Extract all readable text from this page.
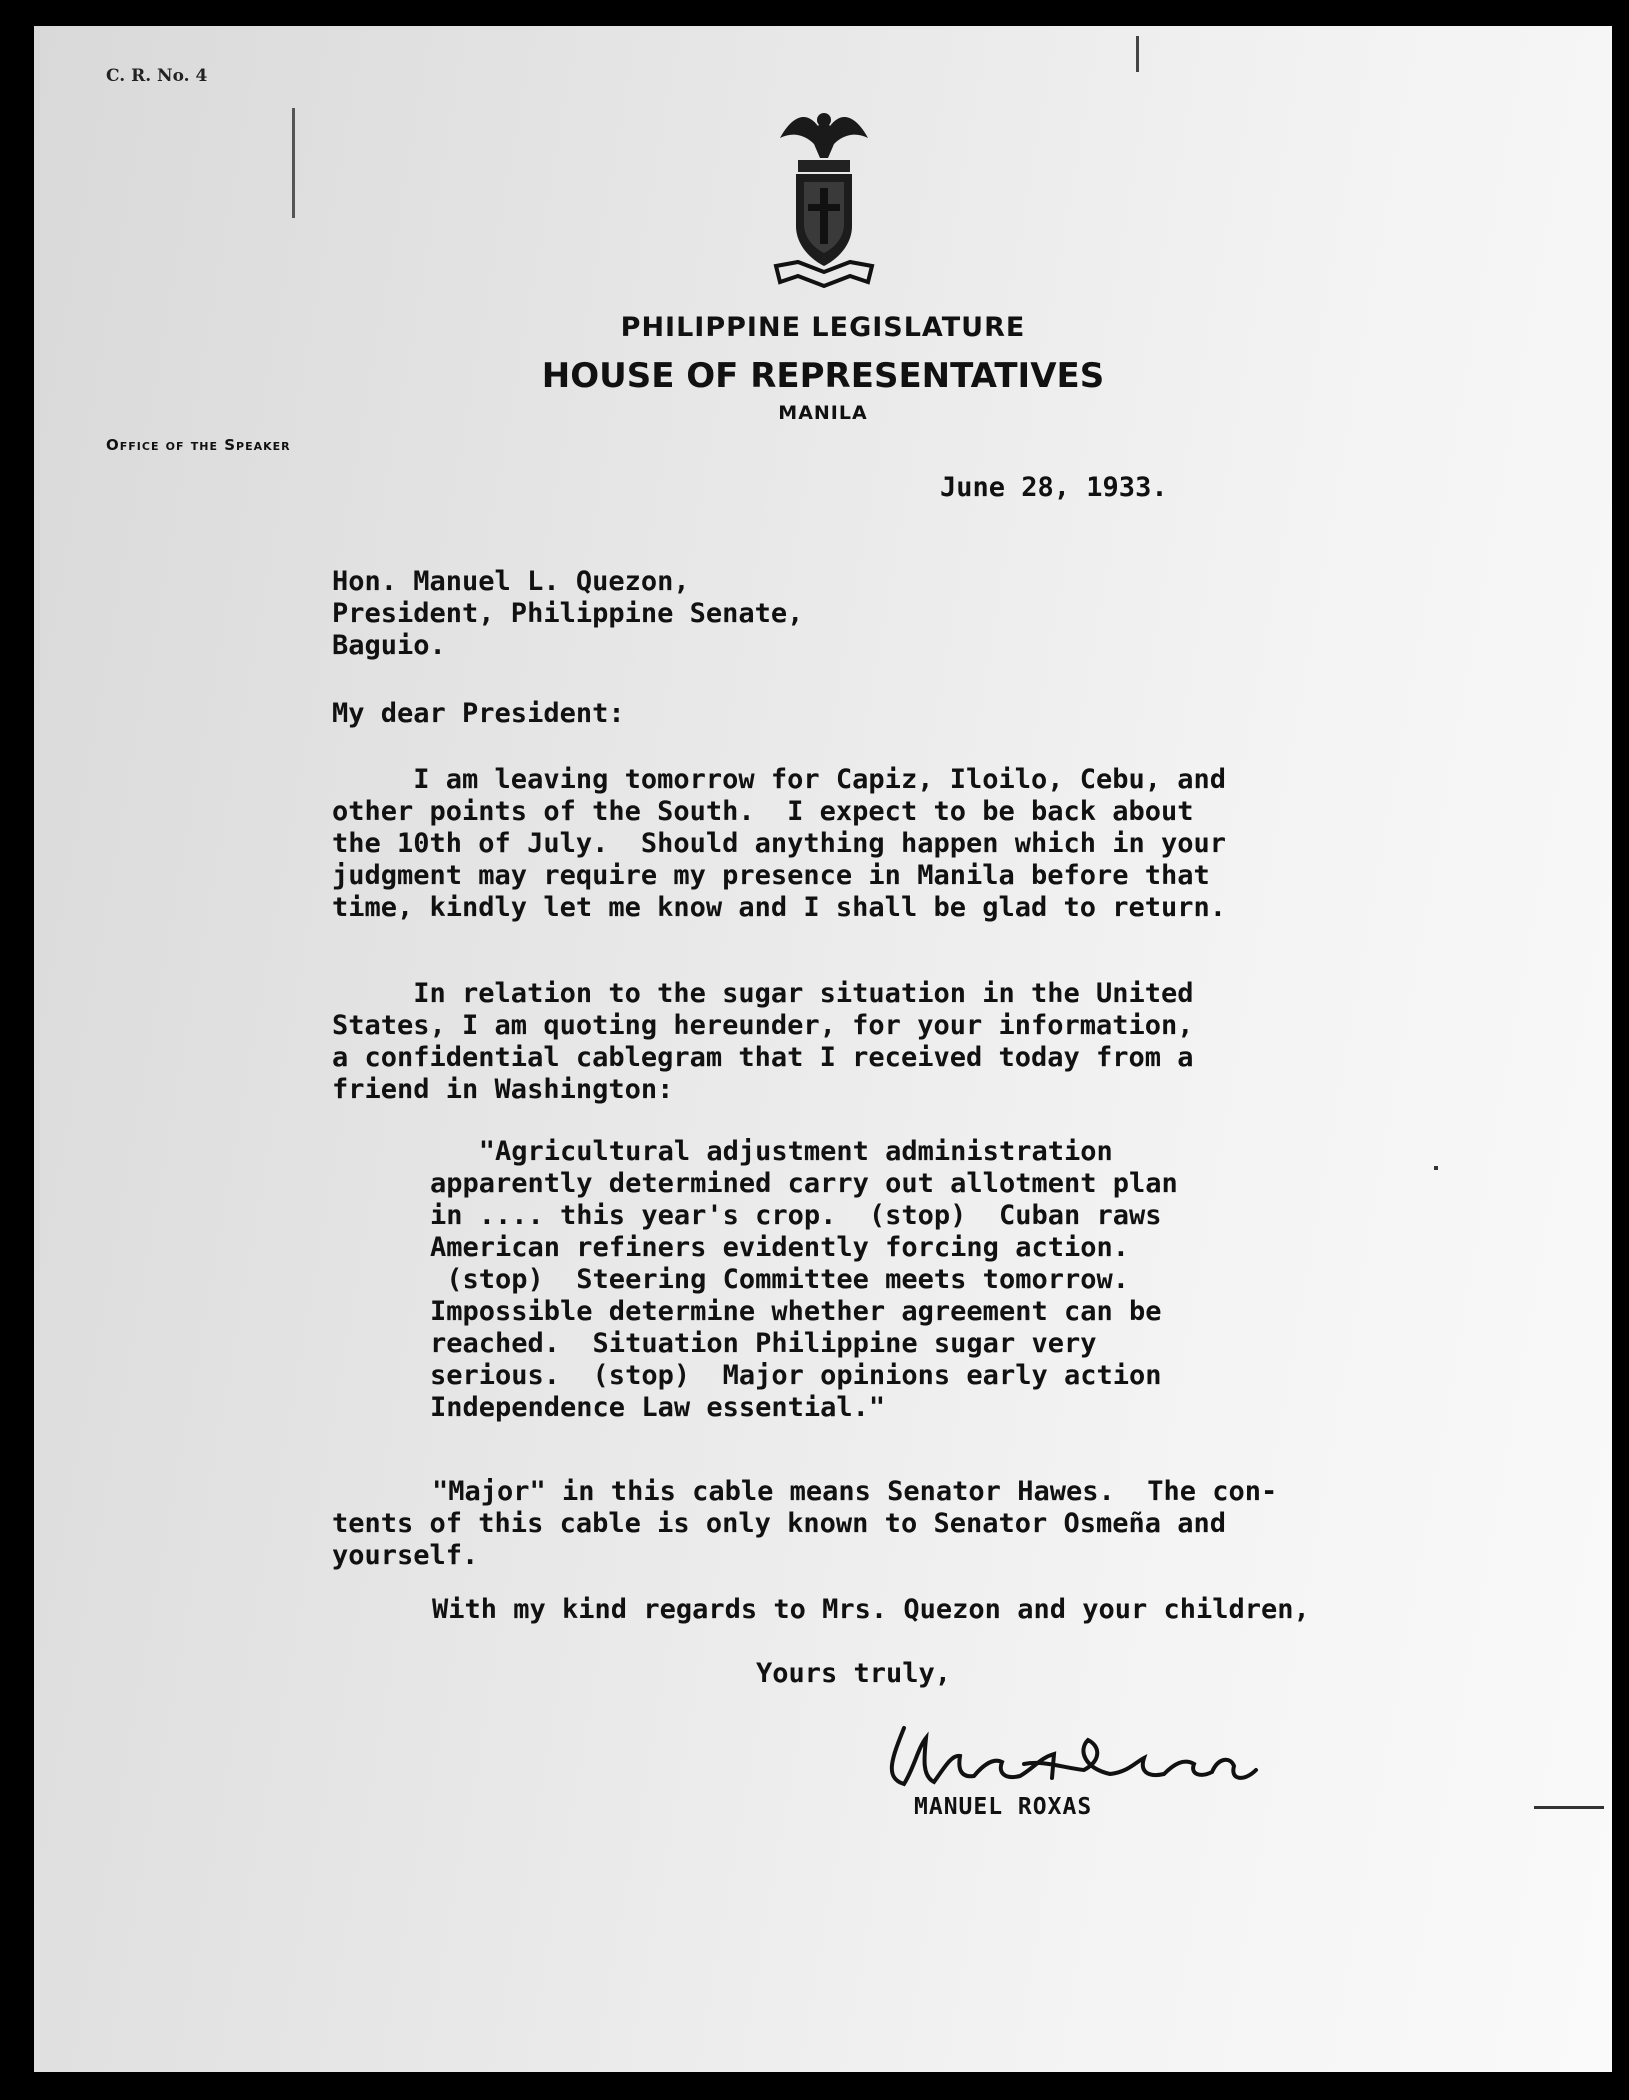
C. R. No. 4
PHILIPPINE LEGISLATURE
HOUSE OF REPRESENTATIVES
MANILA
Office of the Speaker
June 28, 1933.
Hon. Manuel L. Quezon,
President, Philippine Senate,
Baguio.
My dear President:
I am leaving tomorrow for Capiz, Iloilo, Cebu, and
other points of the South.  I expect to be back about
the 10th of July.  Should anything happen which in your
judgment may require my presence in Manila before that
time, kindly let me know and I shall be glad to return.
In relation to the sugar situation in the United
States, I am quoting hereunder, for your information,
a confidential cablegram that I received today from a
friend in Washington:
"Agricultural adjustment administration
apparently determined carry out allotment plan
in .... this year's crop.  (stop)  Cuban raws
American refiners evidently forcing action.
(stop)  Steering Committee meets tomorrow.
Impossible determine whether agreement can be
reached.  Situation Philippine sugar very
serious.  (stop)  Major opinions early action
Independence Law essential."
"Major" in this cable means Senator Hawes.  The con-
tents of this cable is only known to Senator Osmeña and
yourself.
With my kind regards to Mrs. Quezon and your children,
Yours truly,
MANUEL ROXAS
